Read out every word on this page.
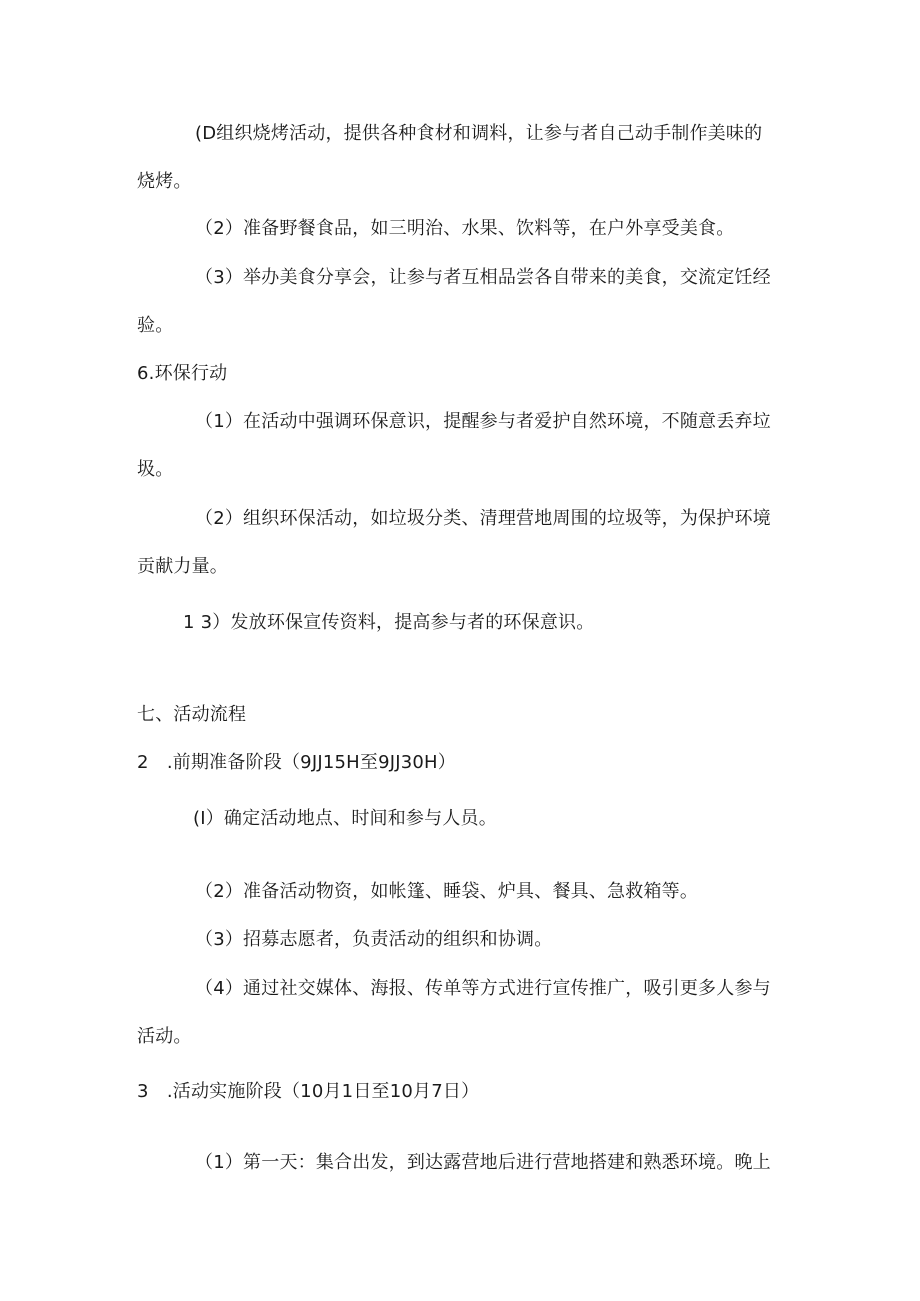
(D组织烧烤活动，提供各种食材和调料，让参与者自己动手制作美味的
烧烤。
（2）准备野餐食品，如三明治、水果、饮料等，在户外享受美食。
（3）举办美食分享会，让参与者互相品尝各自带来的美食，交流定饪经
验。
6.环保行动
（1）在活动中强调环保意识，提醒参与者爱护自然环境，不随意丢弃垃
圾。
（2）组织环保活动，如垃圾分类、清理营地周围的垃圾等，为保护环境
贡献力量。
1 3）发放环保宣传资料，提高参与者的环保意识。
七、活动流程
2　.前期准备阶段（9JJ15H至9JJ30H）
(I）确定活动地点、时间和参与人员。
（2）准备活动物资，如帐篷、睡袋、炉具、餐具、急救箱等。
（3）招募志愿者，负责活动的组织和协调。
（4）通过社交媒体、海报、传单等方式进行宣传推广，吸引更多人参与
活动。
3　.活动实施阶段（10月1日至10月7日）
（1）第一天：集合出发，到达露营地后进行营地搭建和熟悉环境。晚上
